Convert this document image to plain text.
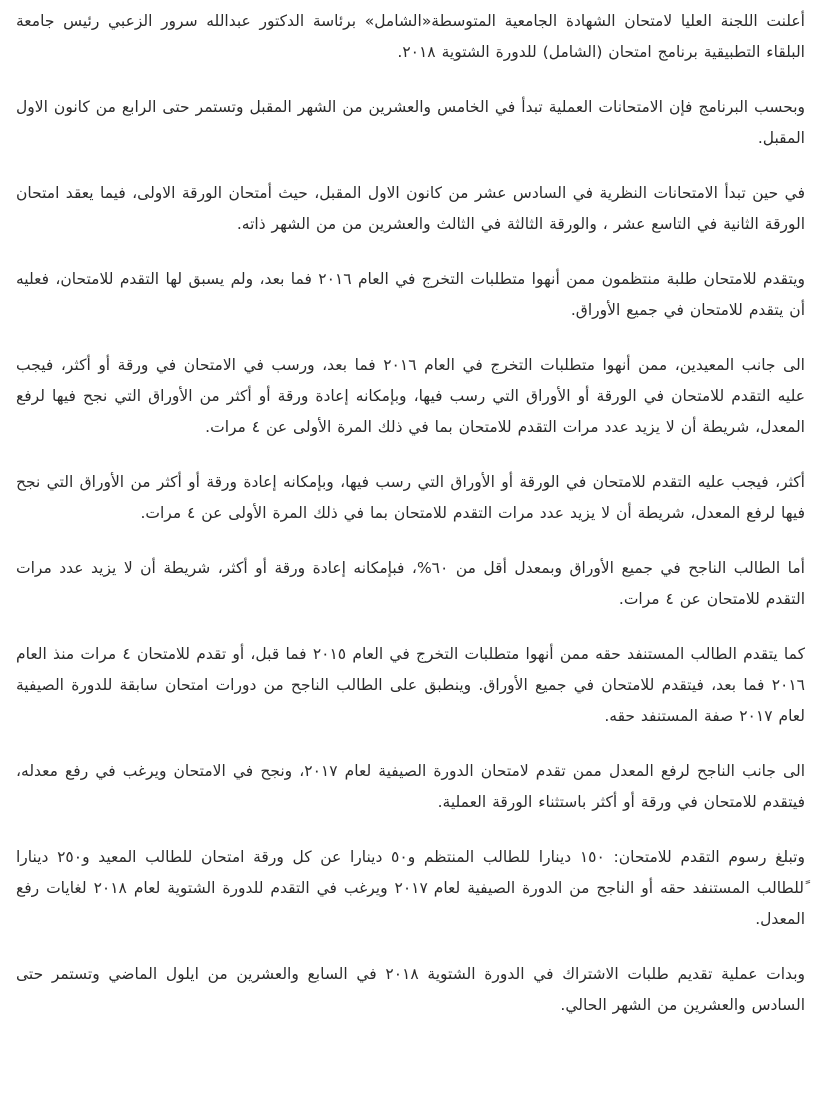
أعلنت اللجنة العليا لامتحان الشهادة الجامعية المتوسطة«الشامل» برئاسة الدكتور عبدالله سرور الزعبي رئيس جامعة البلقاء التطبيقية برنامج امتحان (الشامل) للدورة الشتوية ٢٠١٨.

وبحسب البرنامج فإن الامتحانات العملية تبدأ في الخامس والعشرين من الشهر المقبل وتستمر حتى الرابع من كانون الاول المقبل.

في حين تبدأ الامتحانات النظرية في السادس عشر من كانون الاول المقبل، حيث أمتحان الورقة الاولى، فيما يعقد امتحان الورقة الثانية في التاسع عشر ، والورقة الثالثة في الثالث والعشرين من من الشهر ذاته.

ويتقدم للامتحان طلبة منتظمون ممن أنهوا متطلبات التخرج في العام ٢٠١٦ فما بعد، ولم يسبق لها التقدم للامتحان، فعليه أن يتقدم للامتحان في جميع الأوراق.

الى جانب المعيدين، ممن أنهوا متطلبات التخرج في العام ٢٠١٦ فما بعد، ورسب في الامتحان في ورقة أو أكثر، فيجب عليه التقدم للامتحان في الورقة أو الأوراق التي رسب فيها، وبإمكانه إعادة ورقة أو أكثر من الأوراق التي نجح فيها لرفع المعدل، شريطة أن لا يزيد عدد مرات التقدم للامتحان بما في ذلك المرة الأولى عن ٤ مرات.

أكثر، فيجب عليه التقدم للامتحان في الورقة أو الأوراق التي رسب فيها، وبإمكانه إعادة ورقة أو أكثر من الأوراق التي نجح فيها لرفع المعدل، شريطة أن لا يزيد عدد مرات التقدم للامتحان بما في ذلك المرة الأولى عن ٤ مرات.

أما الطالب الناجح في جميع الأوراق وبمعدل أقل من ٦٠%، فبإمكانه إعادة ورقة أو أكثر، شريطة أن لا يزيد عدد مرات التقدم للامتحان عن ٤ مرات.

كما يتقدم الطالب المستنفد حقه ممن أنهوا متطلبات التخرج في العام ٢٠١٥ فما قبل، أو تقدم للامتحان ٤ مرات منذ العام ٢٠١٦ فما بعد، فيتقدم للامتحان في جميع الأوراق. وينطبق على الطالب الناجح من دورات امتحان سابقة للدورة الصيفية لعام ٢٠١٧ صفة المستنفد حقه.

الى جانب الناجح لرفع المعدل ممن تقدم لامتحان الدورة الصيفية لعام ٢٠١٧، ونجح في الامتحان ويرغب في رفع معدله، فيتقدم للامتحان في ورقة أو أكثر باستثناء الورقة العملية.

وتبلغ رسوم التقدم للامتحان: ١٥٠ دينارا للطالب المنتظم و٥٠ دينارا عن كل ورقة امتحان للطالب المعيد و٢٥٠ دينارا ًللطالب المستنفد حقه أو الناجح من الدورة الصيفية لعام ٢٠١٧ ويرغب في التقدم للدورة الشتوية لعام ٢٠١٨ لغايات رفع المعدل.

وبدات عملية تقديم طلبات الاشتراك في الدورة الشتوية ٢٠١٨ في السابع والعشرين من ايلول الماضي وتستمر حتى السادس والعشرين من الشهر الحالي.
